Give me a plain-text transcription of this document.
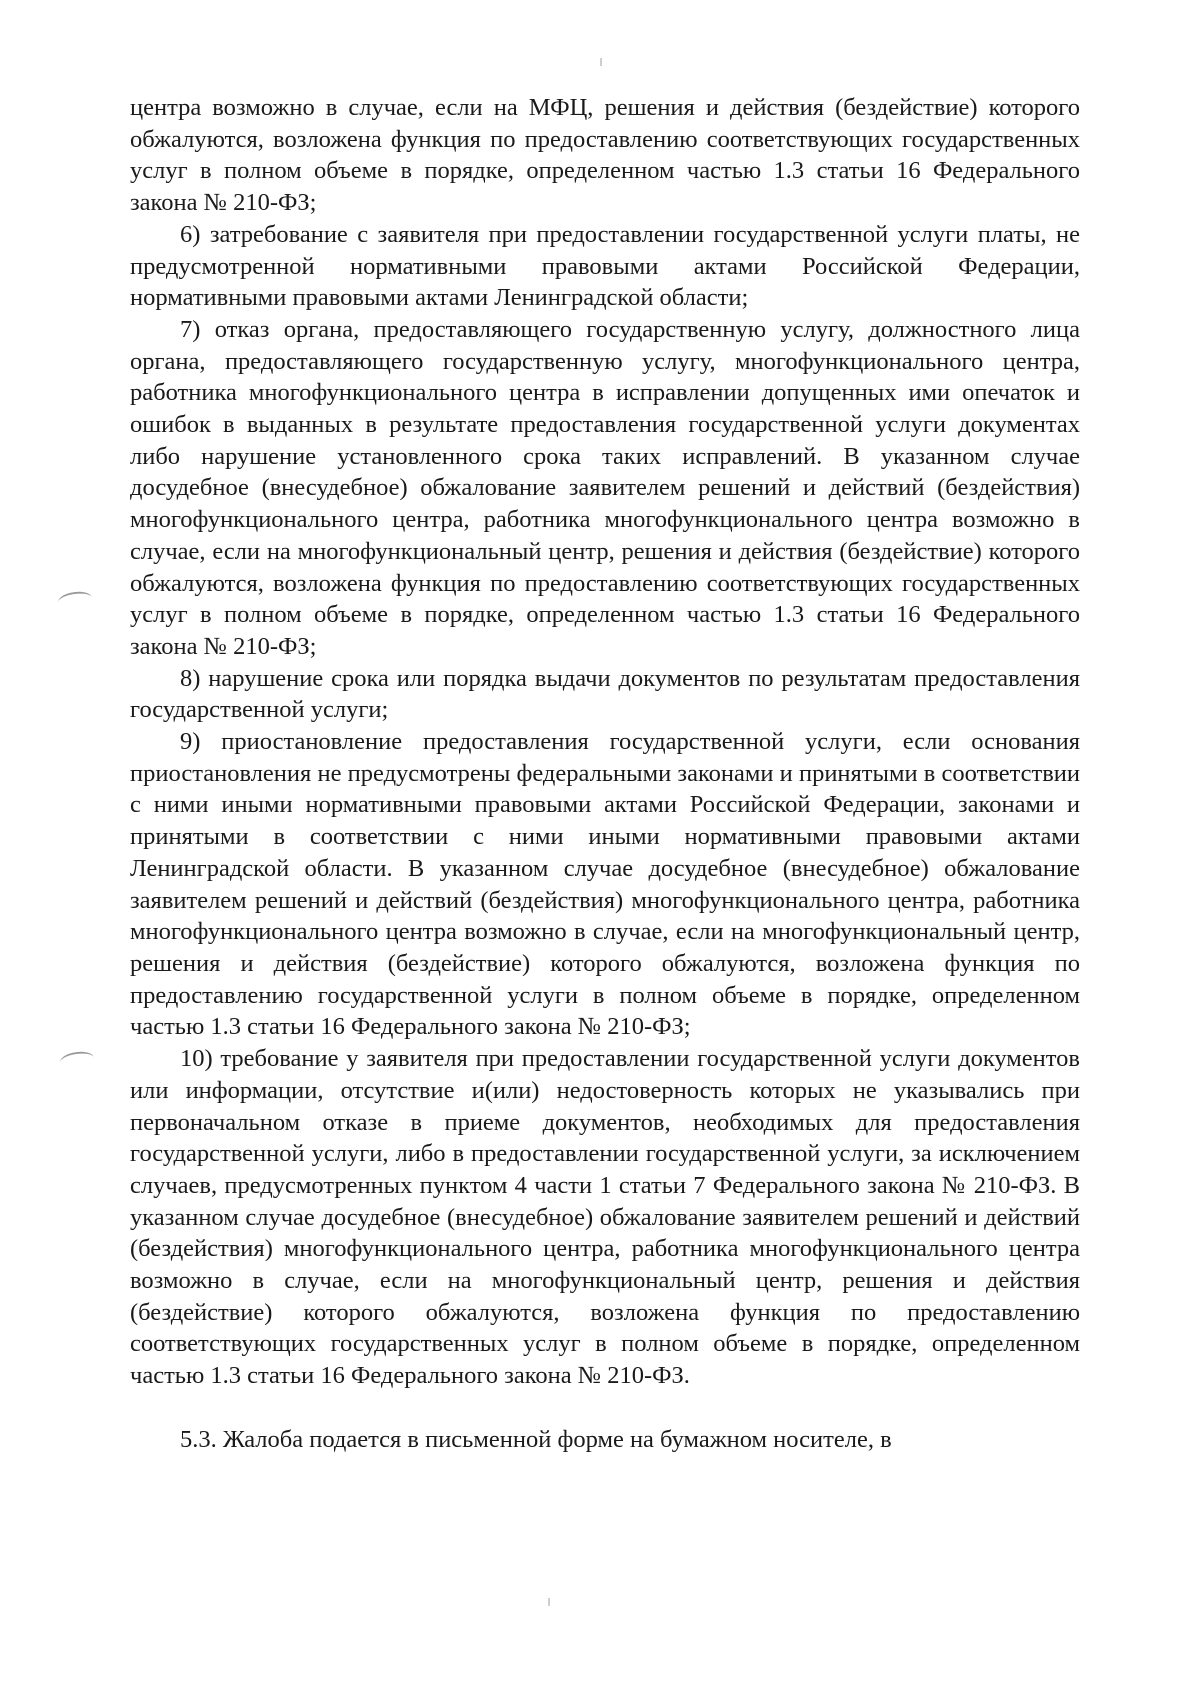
центра возможно в случае, если на МФЦ, решения и действия (бездействие) которого обжалуются, возложена функция по предоставлению соответствующих государственных услуг в полном объеме в порядке, определенном частью 1.3 статьи 16 Федерального закона № 210-ФЗ;

6) затребование с заявителя при предоставлении государственной услуги платы, не предусмотренной нормативными правовыми актами Российской Федерации, нормативными правовыми актами Ленинградской области;

7) отказ органа, предоставляющего государственную услугу, должностного лица органа, предоставляющего государственную услугу, многофункционального центра, работника многофункционального центра в исправлении допущенных ими опечаток и ошибок в выданных в результате предоставления государственной услуги документах либо нарушение установленного срока таких исправлений. В указанном случае досудебное (внесудебное) обжалование заявителем решений и действий (бездействия) многофункционального центра, работника многофункционального центра возможно в случае, если на многофункциональный центр, решения и действия (бездействие) которого обжалуются, возложена функция по предоставлению соответствующих государственных услуг в полном объеме в порядке, определенном частью 1.3 статьи 16 Федерального закона № 210-ФЗ;

8) нарушение срока или порядка выдачи документов по результатам предоставления государственной услуги;

9) приостановление предоставления государственной услуги, если основания приостановления не предусмотрены федеральными законами и принятыми в соответствии с ними иными нормативными правовыми актами Российской Федерации, законами и принятыми в соответствии с ними иными нормативными правовыми актами Ленинградской области. В указанном случае досудебное (внесудебное) обжалование заявителем решений и действий (бездействия) многофункционального центра, работника многофункционального центра возможно в случае, если на многофункциональный центр, решения и действия (бездействие) которого обжалуются, возложена функция по предоставлению государственной услуги в полном объеме в порядке, определенном частью 1.3 статьи 16 Федерального закона № 210-ФЗ;

10) требование у заявителя при предоставлении государственной услуги документов или информации, отсутствие и(или) недостоверность которых не указывались при первоначальном отказе в приеме документов, необходимых для предоставления государственной услуги, либо в предоставлении государственной услуги, за исключением случаев, предусмотренных пунктом 4 части 1 статьи 7 Федерального закона № 210-ФЗ. В указанном случае досудебное (внесудебное) обжалование заявителем решений и действий (бездействия) многофункционального центра, работника многофункционального центра возможно в случае, если на многофункциональный центр, решения и действия (бездействие) которого обжалуются, возложена функция по предоставлению соответствующих государственных услуг в полном объеме в порядке, определенном частью 1.3 статьи 16 Федерального закона № 210-ФЗ.

5.3. Жалоба подается в письменной форме на бумажном носителе, в
